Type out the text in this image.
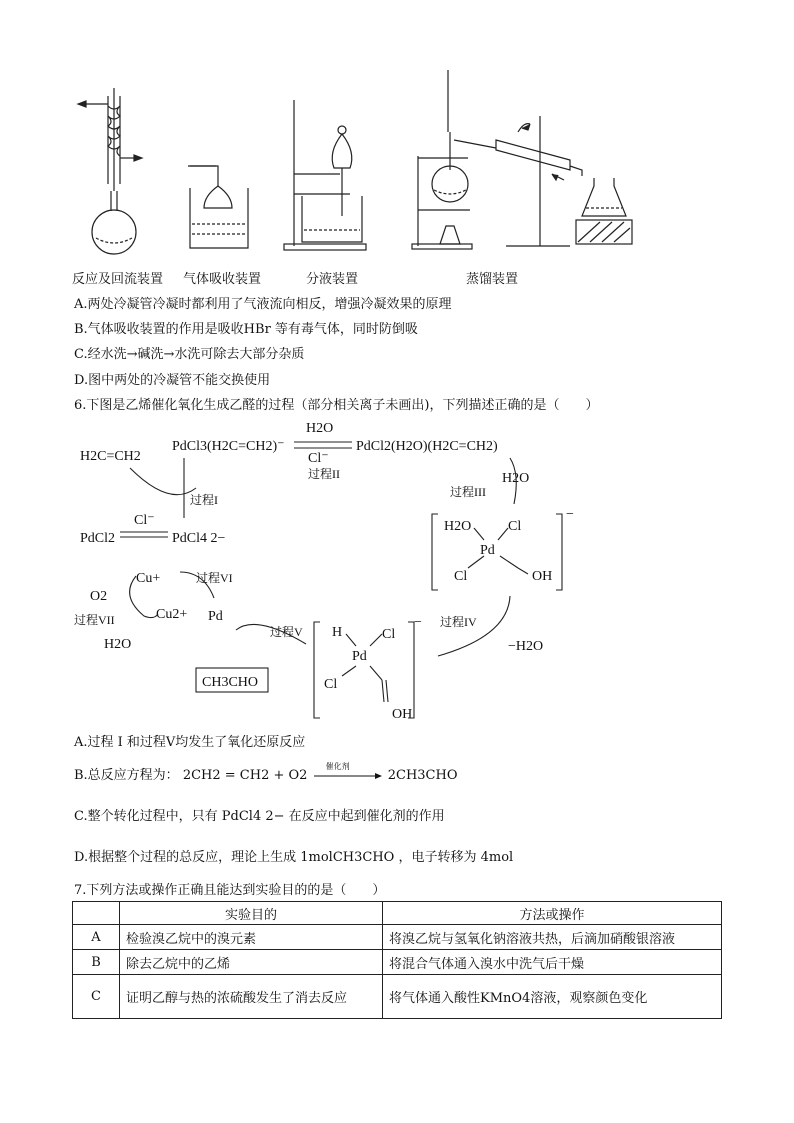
反应及回流装置 气体吸收装置	分液装置	蒸馏装置
A.两处冷凝管冷凝时都利用了气液流向相反，增强冷凝效果的原理
B.气体吸收装置的作用是吸收HBr 等有毒气体，同时防倒吸
C.经水洗→碱洗→水洗可除去大部分杂质
D.图中两处的冷凝管不能交换使用
6.下图是乙烯催化氧化生成乙醛的过程（部分相关离子未画出)，下列描述正确的是（　　）
H2C=CH2
PdCl3(H2C=CH2)⁻
H2O
Cl⁻
过程II
PdCl2(H2O)(H2C=CH2)
H2O
过程III
过程I
Cl⁻
PdCl2	PdCl4 2−
Cu+	过程VI
O2
Cu2+ Pd
过程VII
H2O
过程V
过程IV
−H2O
CH3CHO
H2O	Cl
Pd
Cl	OH
−
H	Cl
Pd
Cl
OH
−
A.过程 I 和过程V均发生了氧化还原反应
B.总反应方程为： 2CH2 = CH2 + O2
催化剂
2CH3CHO
C.整个转化过程中，只有 PdCl4 2− 在反应中起到催化剂的作用
D.根据整个过程的总反应，理论上生成 1molCH3CHO ，电子转移为 4mol
7.下列方法或操作正确且能达到实验目的的是（　　）
	实验目的	方法或操作
A	检验溴乙烷中的溴元素	将溴乙烷与氢氧化钠溶液共热，后滴加硝酸银溶液
B	除去乙烷中的乙烯	将混合气体通入溴水中洗气后干燥
C	证明乙醇与热的浓硫酸发生了消去反应	将气体通入酸性KMnO4溶液，观察颜色变化
